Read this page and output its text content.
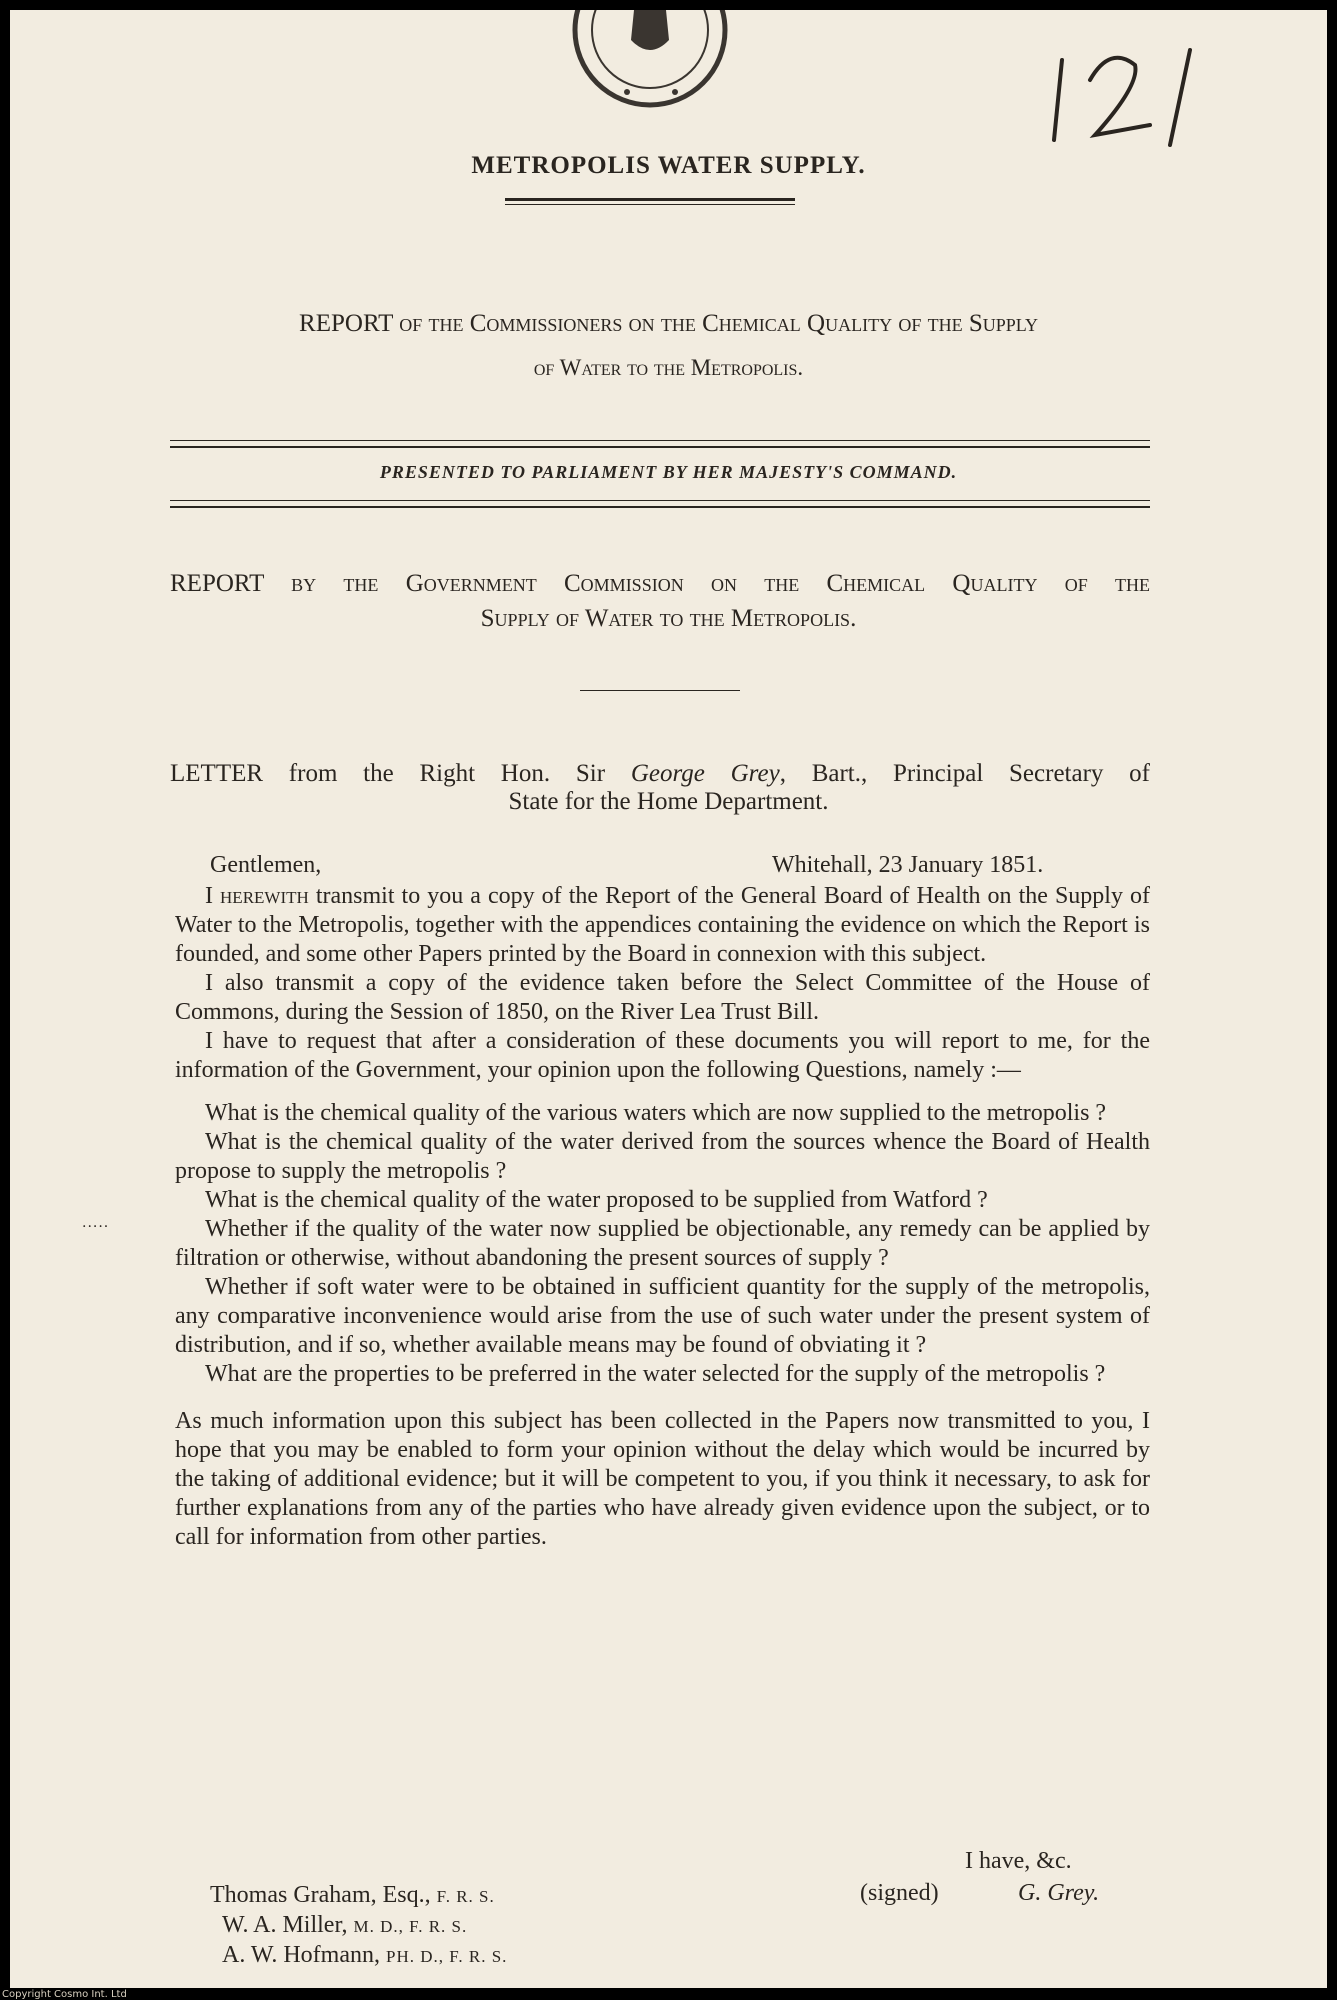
121
METROPOLIS WATER SUPPLY.
REPORT of the Commissioners on the Chemical Quality of the Supply
of Water to the Metropolis.
PRESENTED TO PARLIAMENT BY HER MAJESTY'S COMMAND.
REPORT by the Government Commission on the Chemical Quality of the
Supply of Water to the Metropolis.
LETTER from the Right Hon. Sir George Grey, Bart., Principal Secretary of
State for the Home Department.
Gentlemen,	Whitehall, 23 January 1851.

I herewith transmit to you a copy of the Report of the General Board of Health on the Supply of Water to the Metropolis, together with the appendices containing the evidence on which the Report is founded, and some other Papers printed by the Board in connexion with this subject.

I also transmit a copy of the evidence taken before the Select Committee of the House of Commons, during the Session of 1850, on the River Lea Trust Bill.

I have to request that after a consideration of these documents you will report to me, for the information of the Government, your opinion upon the following Questions, namely :—

What is the chemical quality of the various waters which are now supplied to the metropolis ?

What is the chemical quality of the water derived from the sources whence the Board of Health propose to supply the metropolis ?

What is the chemical quality of the water proposed to be supplied from Watford ?

Whether if the quality of the water now supplied be objectionable, any remedy can be applied by filtration or otherwise, without abandoning the present sources of supply ?

Whether if soft water were to be obtained in sufficient quantity for the supply of the metropolis, any comparative inconvenience would arise from the use of such water under the present system of distribution, and if so, whether available means may be found of obviating it ?

What are the properties to be preferred in the water selected for the supply of the metropolis ?

As much information upon this subject has been collected in the Papers now transmitted to you, I hope that you may be enabled to form your opinion without the delay which would be incurred by the taking of additional evidence; but it will be competent to you, if you think it necessary, to ask for further explanations from any of the parties who have already given evidence upon the subject, or to call for information from other parties.

.....
I have, &c.
(signed)	G. Grey.
Thomas Graham, Esq., F. R. S.
W. A. Miller, M. D., F. R. S.
A. W. Hofmann, PH. D., F. R. S.
Copyright Cosmo Int. Ltd
